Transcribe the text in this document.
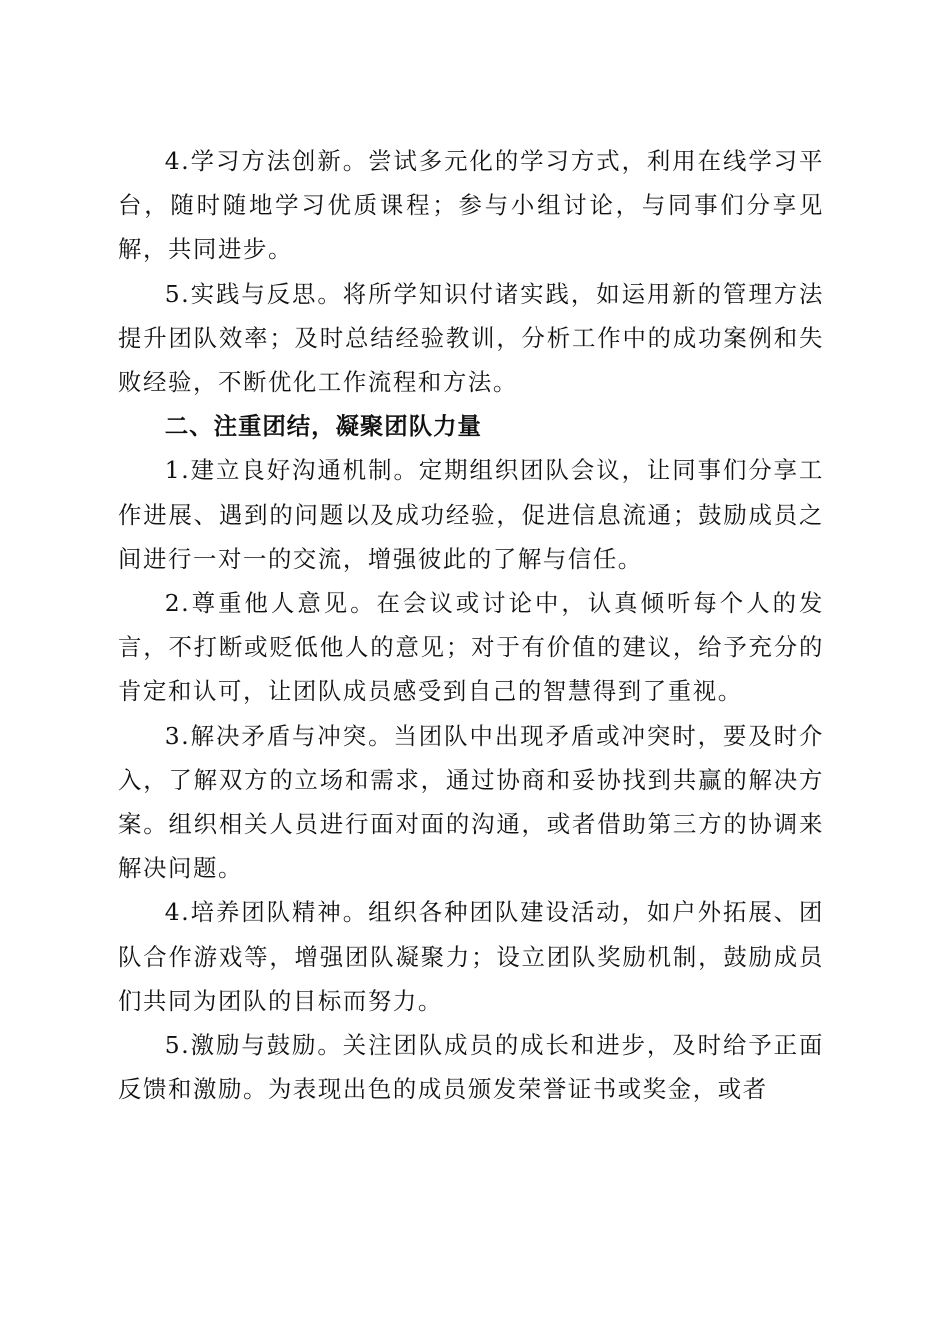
4.学习方法创新。尝试多元化的学习方式，利用在线学习平台，随时随地学习优质课程；参与小组讨论，与同事们分享见解，共同进步。

5.实践与反思。将所学知识付诸实践，如运用新的管理方法提升团队效率；及时总结经验教训，分析工作中的成功案例和失败经验，不断优化工作流程和方法。

二、注重团结，凝聚团队力量

1.建立良好沟通机制。定期组织团队会议，让同事们分享工作进展、遇到的问题以及成功经验，促进信息流通；鼓励成员之间进行一对一的交流，增强彼此的了解与信任。

2.尊重他人意见。在会议或讨论中，认真倾听每个人的发言，不打断或贬低他人的意见；对于有价值的建议，给予充分的肯定和认可，让团队成员感受到自己的智慧得到了重视。

3.解决矛盾与冲突。当团队中出现矛盾或冲突时，要及时介入，了解双方的立场和需求，通过协商和妥协找到共赢的解决方案。组织相关人员进行面对面的沟通，或者借助第三方的协调来解决问题。

4.培养团队精神。组织各种团队建设活动，如户外拓展、团队合作游戏等，增强团队凝聚力；设立团队奖励机制，鼓励成员们共同为团队的目标而努力。

5.激励与鼓励。关注团队成员的成长和进步，及时给予正面反馈和激励。为表现出色的成员颁发荣誉证书或奖金，或者
